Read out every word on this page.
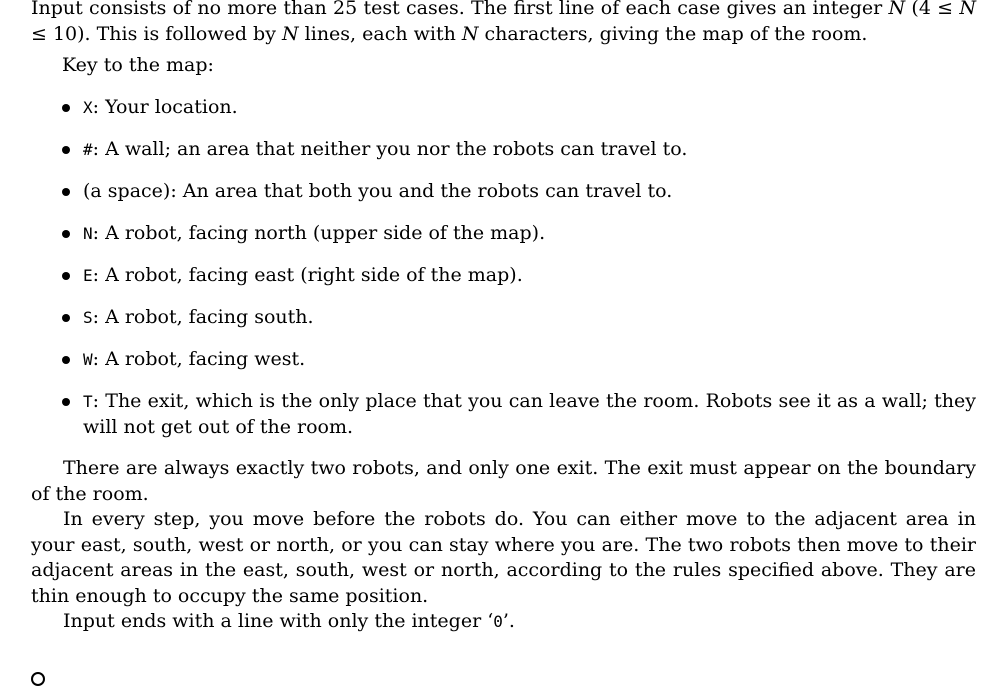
Input consists of no more than 25 test cases. The first line of each case gives an integer N (4 ≤ N ≤ 10). This is followed by N lines, each with N characters, giving the map of the room.

Key to the map:

X: Your location.
#: A wall; an area that neither you nor the robots can travel to.
(a space): An area that both you and the robots can travel to.
N: A robot, facing north (upper side of the map).
E: A robot, facing east (right side of the map).
S: A robot, facing south.
W: A robot, facing west.
T: The exit, which is the only place that you can leave the room. Robots see it as a wall; they will not get out of the room.

There are always exactly two robots, and only one exit. The exit must appear on the boundary of the room.

In every step, you move before the robots do. You can either move to the adjacent area in your east, south, west or north, or you can stay where you are. The two robots then move to their adjacent areas in the east, south, west or north, according to the rules specified above. They are thin enough to occupy the same position.

Input ends with a line with only the integer ‘0’.
